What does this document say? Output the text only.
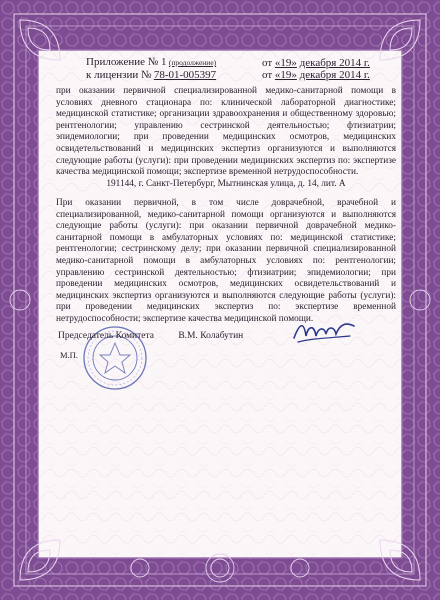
Приложение № 1 (продолжение)
к лицензии № 78-01-005397
от «19» декабря 2014 г.
от «19» декабря 2014 г.
при оказании первичной специализированной медико-санитарной помощи в условиях дневного стационара по: клинической лабораторной диагностике; медицинской статистике; организации здравоохранения и общественному здоровью; рентгенологии; управлению сестринской деятельностью; фтизиатрии; эпидемиологии; при проведении медицинских осмотров, медицинских освидетельствований и медицинских экспертиз организуются и выполняются следующие работы (услуги): при проведении медицинских экспертиз по: экспертизе качества медицинской помощи; экспертизе временной нетрудоспособности.
191144, г. Санкт-Петербург, Мытнинская улица, д. 14, лит. А
При оказании первичной, в том числе доврачебной, врачебной и специализированной, медико-санитарной помощи организуются и выполняются следующие работы (услуги): при оказании первичной доврачебной медико-санитарной помощи в амбулаторных условиях по: медицинской статистике; рентгенологии; сестринскому делу; при оказании первичной специализированной медико-санитарной помощи в амбулаторных условиях по: рентгенологии; управлению сестринской деятельностью; фтизиатрии; эпидемиологии; при проведении медицинских осмотров, медицинских освидетельствований и медицинских экспертиз организуются и выполняются следующие работы (услуги): при проведении медицинских экспертиз по: экспертизе временной нетрудоспособности; экспертизе качества медицинской помощи.
Председатель Комитета	В.М. Колабутин
М.П.
